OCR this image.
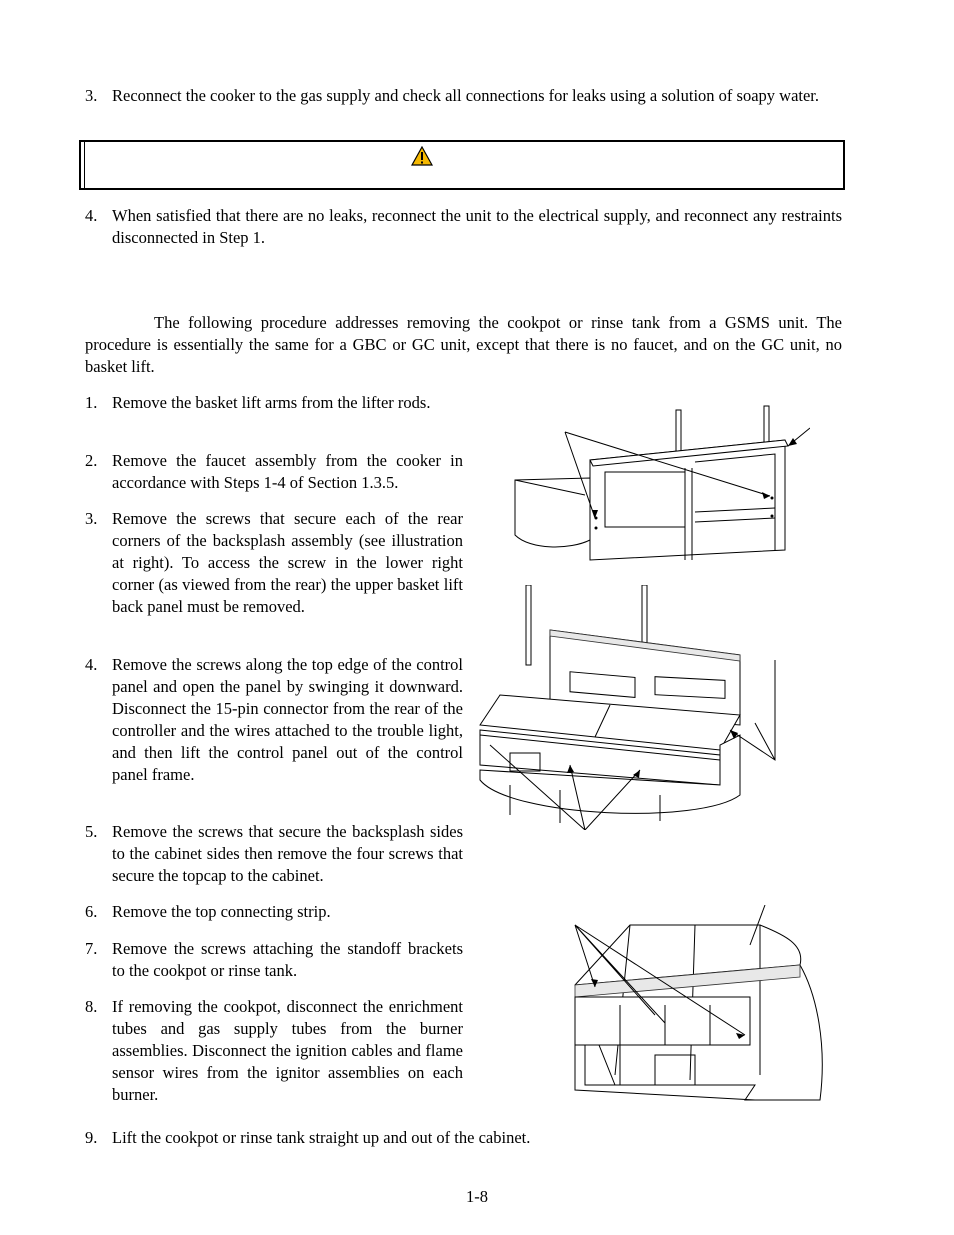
3. Reconnect the cooker to the gas supply and check all connections for leaks using a solution of soapy water.
4. When satisfied that there are no leaks, reconnect the unit to the electrical supply, and reconnect any restraints disconnected in Step 1.
The following procedure addresses removing the cookpot or rinse tank from a GSMS unit. The procedure is essentially the same for a GBC or GC unit, except that there is no faucet, and on the GC unit, no basket lift.
1. Remove the basket lift arms from the lifter rods.
2. Remove the faucet assembly from the cooker in accordance with Steps 1-4 of Section 1.3.5.
3. Remove the screws that secure each of the rear corners of the backsplash assembly (see illustration at right). To access the screw in the lower right corner (as viewed from the rear) the upper basket lift back panel must be removed.
4. Remove the screws along the top edge of the control panel and open the panel by swinging it downward. Disconnect the 15-pin connector from the rear of the controller and the wires attached to the trouble light, and then lift the control panel out of the control panel frame.
5. Remove the screws that secure the backsplash sides to the cabinet sides then remove the four screws that secure the topcap to the cabinet.
6. Remove the top connecting strip.
7. Remove the screws attaching the standoff brackets to the cookpot or rinse tank.
8. If removing the cookpot, disconnect the enrichment tubes and gas supply tubes from the burner assemblies. Disconnect the ignition cables and flame sensor wires from the ignitor assemblies on each burner.
9. Lift the cookpot or rinse tank straight up and out of the cabinet.
1-8
